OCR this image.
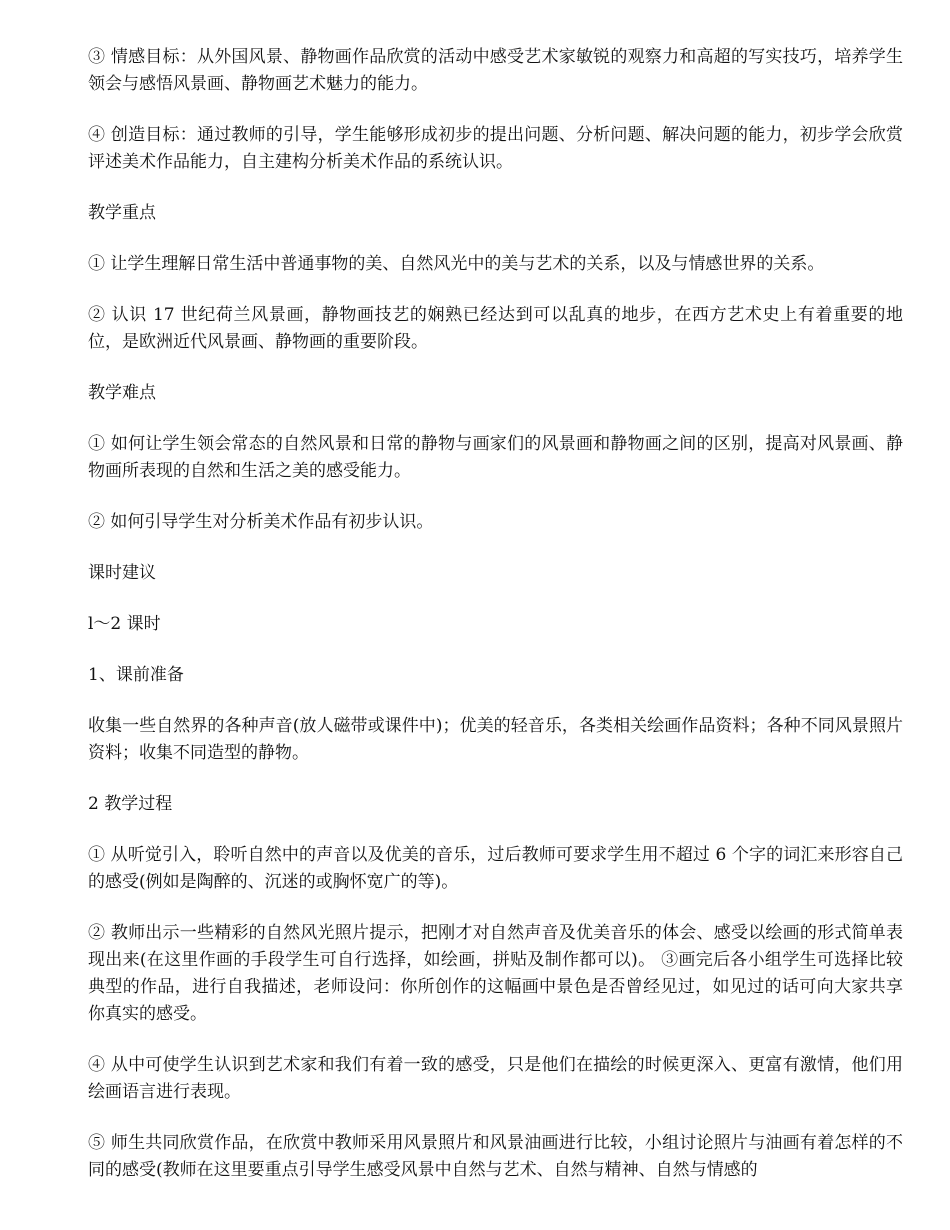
③ 情感目标：从外国风景、静物画作品欣赏的活动中感受艺术家敏锐的观察力和高超的写实技巧，培养学生领会与感悟风景画、静物画艺术魅力的能力。

④ 创造目标：通过教师的引导，学生能够形成初步的提出问题、分析问题、解决问题的能力，初步学会欣赏评述美术作品能力，自主建构分析美术作品的系统认识。

教学重点

① 让学生理解日常生活中普通事物的美、自然风光中的美与艺术的关系，以及与情感世界的关系。

② 认识 17 世纪荷兰风景画，静物画技艺的娴熟已经达到可以乱真的地步，在西方艺术史上有着重要的地位，是欧洲近代风景画、静物画的重要阶段。

教学难点

① 如何让学生领会常态的自然风景和日常的静物与画家们的风景画和静物画之间的区别，提高对风景画、静物画所表现的自然和生活之美的感受能力。

② 如何引导学生对分析美术作品有初步认识。

课时建议

l～2 课时

1、课前准备

收集一些自然界的各种声音(放人磁带或课件中)；优美的轻音乐，各类相关绘画作品资料；各种不同风景照片资料；收集不同造型的静物。

2 教学过程

① 从听觉引入，聆听自然中的声音以及优美的音乐，过后教师可要求学生用不超过 6 个字的词汇来形容自己的感受(例如是陶醉的、沉迷的或胸怀宽广的等)。

② 教师出示一些精彩的自然风光照片提示，把刚才对自然声音及优美音乐的体会、感受以绘画的形式简单表现出来(在这里作画的手段学生可自行选择，如绘画，拼贴及制作都可以)。 ③画完后各小组学生可选择比较典型的作品，进行自我描述，老师设问：你所创作的这幅画中景色是否曾经见过，如见过的话可向大家共享你真实的感受。

④ 从中可使学生认识到艺术家和我们有着一致的感受，只是他们在描绘的时候更深入、更富有激情，他们用绘画语言进行表现。

⑤ 师生共同欣赏作品，在欣赏中教师采用风景照片和风景油画进行比较，小组讨论照片与油画有着怎样的不同的感受(教师在这里要重点引导学生感受风景中自然与艺术、自然与精神、自然与情感的
